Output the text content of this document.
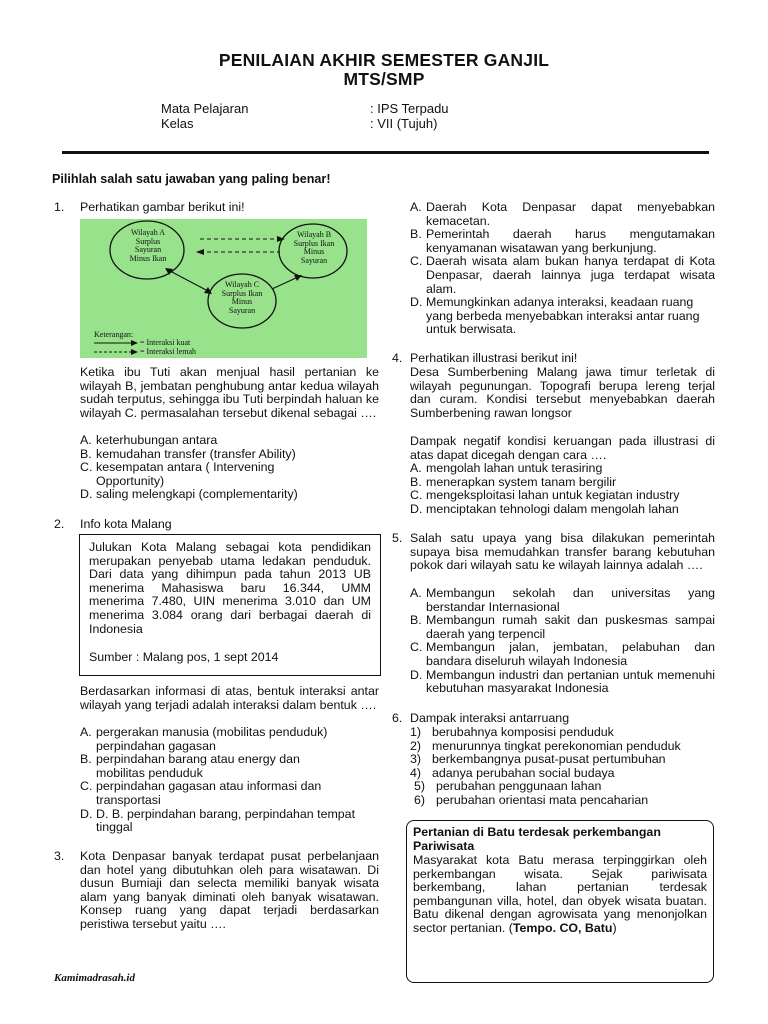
PENILAIAN AKHIR SEMESTER GANJIL
MTS/SMP
Mata Pelajaran	: IPS Terpadu
Kelas	: VII (Tujuh)
Pilihlah salah satu jawaban yang paling benar!
1. Perhatikan gambar berikut ini!
Wilayah A
Surplus
Sayuran
Minus Ikan
Wilayah B
Surplus Ikan
Minus
Sayuran
Wilayah C
Surplus Ikan
Minus
Sayuran
Keterangan:
= Interaksi kuat
= Interaksi lemah
Ketika ibu Tuti akan menjual hasil pertanian ke wilayah B, jembatan penghubung antar kedua wilayah sudah terputus, sehingga ibu Tuti berpindah haluan ke wilayah C. permasalahan tersebut dikenal sebagai ….
A. keterhubungan antara
B. kemudahan transfer (transfer Ability)
C. kesempatan antara ( Intervening Opportunity)
D. saling melengkapi (complementarity)
2. Info kota Malang
Julukan Kota Malang sebagai kota pendidikan merupakan penyebab utama ledakan penduduk. Dari data yang dihimpun pada tahun 2013 UB menerima Mahasiswa baru 16.344, UMM menerima 7.480, UIN menerima 3.010 dan UM menerima 3.084 orang dari berbagai daerah di Indonesia
Sumber : Malang pos, 1 sept 2014
Berdasarkan informasi di atas, bentuk interaksi antar wilayah yang terjadi adalah interaksi dalam bentuk ….
A. pergerakan manusia (mobilitas penduduk) perpindahan gagasan
B. perpindahan barang atau energy dan mobilitas penduduk
C. perpindahan gagasan atau informasi dan transportasi
D. D. B. perpindahan barang, perpindahan tempat tinggal
3. Kota Denpasar banyak terdapat pusat perbelanjaan dan hotel yang dibutuhkan oleh para wisatawan. Di dusun Bumiaji dan selecta memiliki banyak wisata alam yang banyak diminati oleh banyak wisatawan. Konsep ruang yang dapat terjadi berdasarkan peristiwa tersebut yaitu ….
Kamimadrasah.id
A. Daerah Kota Denpasar dapat menyebabkan kemacetan.
B. Pemerintah daerah harus mengutamakan kenyamanan wisatawan yang berkunjung.
C. Daerah wisata alam bukan hanya terdapat di Kota Denpasar, daerah lainnya juga terdapat wisata alam.
D. Memungkinkan adanya interaksi, keadaan ruang yang berbeda menyebabkan interaksi antar ruang untuk berwisata.
4. Perhatikan illustrasi berikut ini!
Desa Sumberbening Malang jawa timur terletak di wilayah pegunungan. Topografi berupa lereng terjal dan curam. Kondisi tersebut menyebabkan daerah Sumberbening rawan longsor
Dampak negatif kondisi keruangan pada illustrasi di atas dapat dicegah dengan cara ….
A. mengolah lahan untuk terasiring
B. menerapkan system tanam bergilir
C. mengeksploitasi lahan untuk kegiatan industry
D. menciptakan tehnologi dalam mengolah lahan
5. Salah satu upaya yang bisa dilakukan pemerintah supaya bisa memudahkan transfer barang kebutuhan pokok dari wilayah satu ke wilayah lainnya adalah ….
A. Membangun sekolah dan universitas yang berstandar Internasional
B. Membangun rumah sakit dan puskesmas sampai daerah yang terpencil
C. Membangun jalan, jembatan, pelabuhan dan bandara diseluruh wilayah Indonesia
D. Membangun industri dan pertanian untuk memenuhi kebutuhan masyarakat Indonesia
6. Dampak interaksi antarruang
1) berubahnya komposisi penduduk
2) menurunnya tingkat perekonomian penduduk
3) berkembangnya pusat-pusat pertumbuhan
4) adanya perubahan social budaya
5) perubahan penggunaan lahan
6) perubahan orientasi mata pencaharian
Pertanian di Batu terdesak perkembangan Pariwisata
Masyarakat kota Batu merasa terpinggirkan oleh perkembangan wisata. Sejak pariwisata berkembang, lahan pertanian terdesak pembangunan villa, hotel, dan obyek wisata buatan. Batu dikenal dengan agrowisata yang menonjolkan sector pertanian. (Tempo. CO, Batu)
